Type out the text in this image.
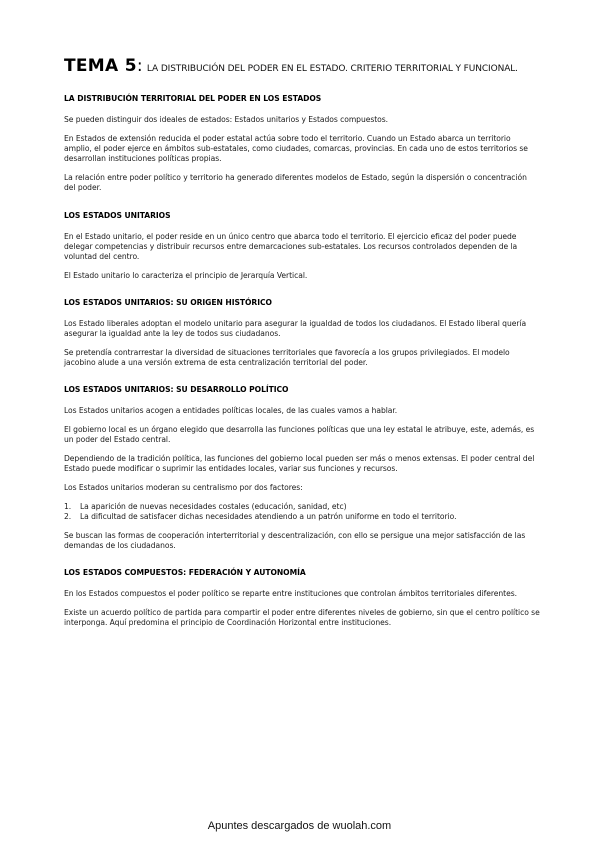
TEMA 5 : LA DISTRIBUCIÓN DEL PODER EN EL ESTADO. CRITERIO TERRITORIAL Y FUNCIONAL.
LA DISTRIBUCIÓN TERRITORIAL DEL PODER EN LOS ESTADOS

Se pueden distinguir dos ideales de estados: Estados unitarios y Estados compuestos.

En Estados de extensión reducida el poder estatal actúa sobre todo el territorio. Cuando un Estado abarca un territorio amplio, el poder ejerce en ámbitos sub-estatales, como ciudades, comarcas, provincias. En cada uno de estos territorios se desarrollan instituciones políticas propias.

La relación entre poder político y territorio ha generado diferentes modelos de Estado, según la dispersión o concentración del poder.

LOS ESTADOS UNITARIOS

En el Estado unitario, el poder reside en un único centro que abarca todo el territorio. El ejercicio eficaz del poder puede delegar competencias y distribuir recursos entre demarcaciones sub-estatales. Los recursos controlados dependen de la voluntad del centro.

El Estado unitario lo caracteriza el principio de Jerarquía Vertical.

LOS ESTADOS UNITARIOS: SU ORIGEN HISTÓRICO

Los Estado liberales adoptan el modelo unitario para asegurar la igualdad de todos los ciudadanos. El Estado liberal quería asegurar la igualdad ante la ley de todos sus ciudadanos.

Se pretendía contrarrestar la diversidad de situaciones territoriales que favorecía a los grupos privilegiados. El modelo jacobino alude a una versión extrema de esta centralización territorial del poder.

LOS ESTADOS UNITARIOS: SU DESARROLLO POLÍTICO

Los Estados unitarios acogen a entidades políticas locales, de las cuales vamos a hablar.

El gobierno local es un órgano elegido que desarrolla las funciones políticas que una ley estatal le atribuye, este, además, es un poder del Estado central.

Dependiendo de la tradición política, las funciones del gobierno local pueden ser más o menos extensas. El poder central del Estado puede modificar o suprimir las entidades locales, variar sus funciones y recursos.

Los Estados unitarios moderan su centralismo por dos factores:

1.	La aparición de nuevas necesidades costales (educación, sanidad, etc)
2.	La dificultad de satisfacer dichas necesidades atendiendo a un patrón uniforme en todo el territorio.

Se buscan las formas de cooperación interterritorial y descentralización, con ello se persigue una mejor satisfacción de las demandas de los ciudadanos.

LOS ESTADOS COMPUESTOS: FEDERACIÓN Y AUTONOMÍA

En los Estados compuestos el poder político se reparte entre instituciones que controlan ámbitos territoriales diferentes.

Existe un acuerdo político de partida para compartir el poder entre diferentes niveles de gobierno, sin que el centro político se interponga. Aquí predomina el principio de Coordinación Horizontal entre instituciones.

Apuntes descargados de wuolah.com
